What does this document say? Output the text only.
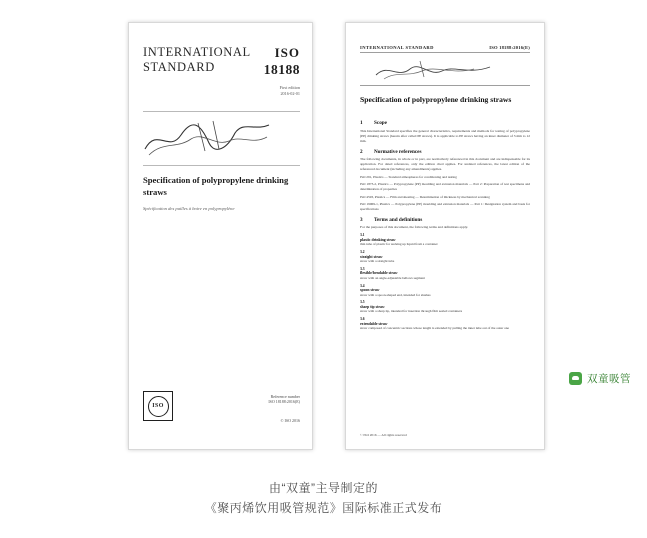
INTERNATIONAL
STANDARD
ISO
18188
First edition
2016-02-01
Specification of polypropylene drinking straws
Spécification des pailles à boire en polypropylène
ISO
Reference number
ISO 18188:2016(E)
© ISO 2016
INTERNATIONAL STANDARD	ISO 18188:2016(E)
Specification of polypropylene drinking straws
1	Scope
This International Standard specifies the general characteristics, requirements and methods for testing of polypropylene (PP) drinking straws (herein after called PP straws). It is applicable to PP straws having an inner diameter of 3 mm to 12 mm.
2	Normative references
The following documents, in whole or in part, are normatively referenced in this document and are indispensable for its application. For dated references, only the edition cited applies. For undated references, the latest edition of the referenced document (including any amendments) applies.
ISO 291, Plastics — Standard atmospheres for conditioning and testing
ISO 1873-2, Plastics — Polypropylene (PP) moulding and extrusion materials — Part 2: Preparation of test specimens and determination of properties
ISO 4593, Plastics — Film and sheeting — Determination of thickness by mechanical scanning
ISO 19069-1, Plastics — Polypropylene (PP) moulding and extrusion materials — Part 1: Designation system and basis for specifications
3	Terms and definitions
For the purposes of this document, the following terms and definitions apply.
3.1
plastic drinking straw
thin tube of plastic for sucking up liquid from a container
3.2
straight straw
straw with a straight tube
3.3
flexible/bendable straw
straw with an angle-adjustable bellows segment
3.4
spoon straw
straw with a spoon-shaped end, intended for slushes
3.5
sharp tip straw
straw with a sharp tip, intended for insertion through film sealed containers
3.6
extendable straw
straw composed of concentric sections whose length is extended by pulling the inner tube out of the outer one
© ISO 2016 — All rights reserved
双童吸管
由“双童”主导制定的
《聚丙烯饮用吸管规范》国际标准正式发布
